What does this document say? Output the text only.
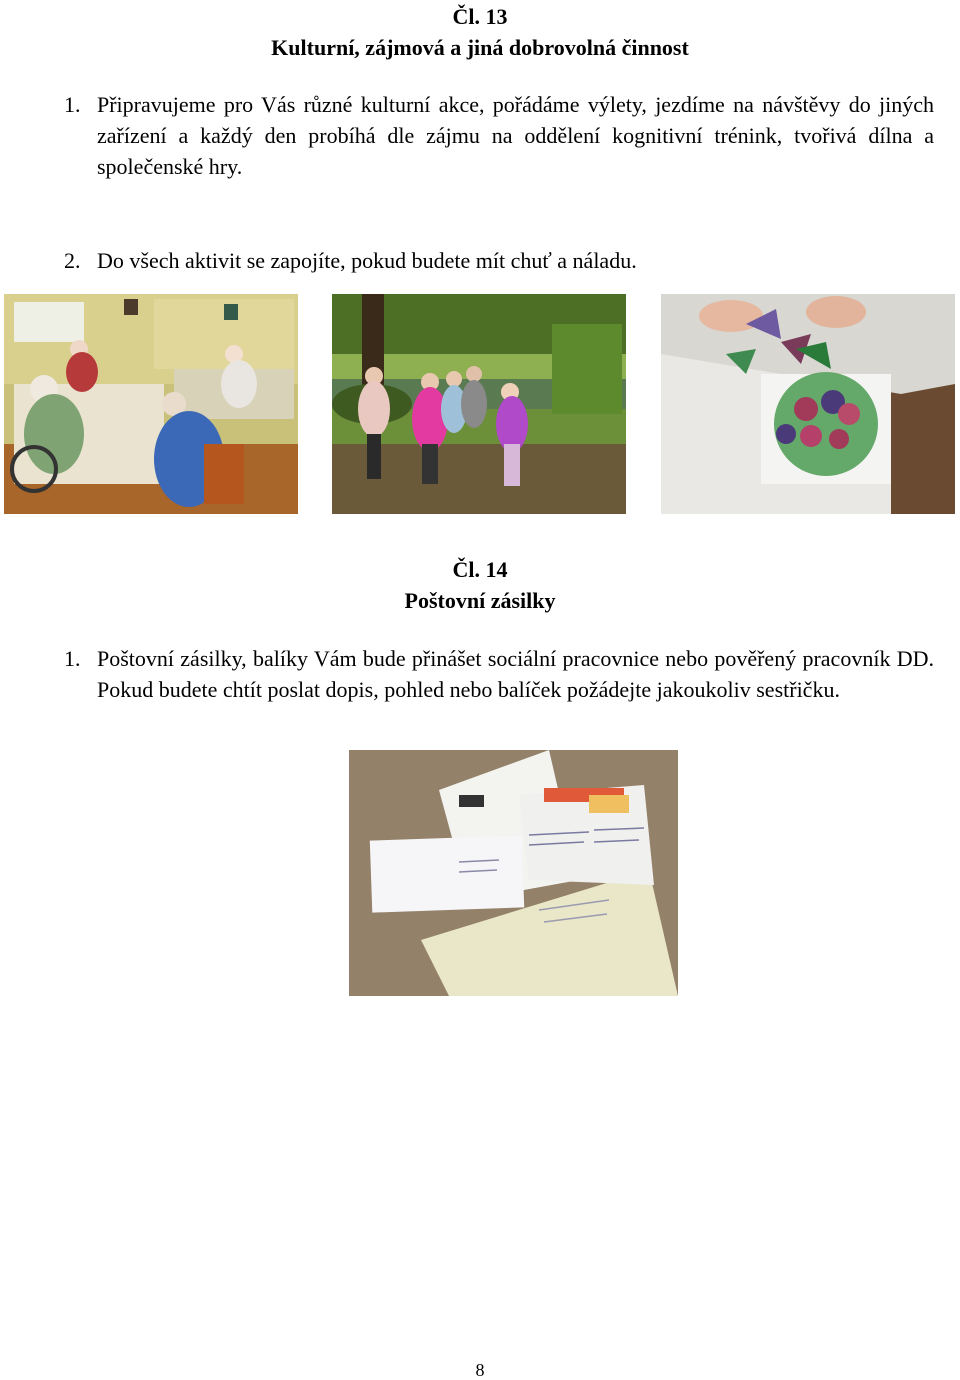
Čl. 13
Kulturní, zájmová a jiná dobrovolná činnost

1. Připravujeme pro Vás různé kulturní akce, pořádáme výlety, jezdíme na návštěvy do jiných zařízení a každý den probíhá dle zájmu na oddělení kognitivní trénink, tvořivá dílna a společenské hry.

2. Do všech aktivit se zapojíte, pokud budete mít chuť a náladu.

Čl. 14
Poštovní zásilky

1. Poštovní zásilky, balíky Vám bude přinášet sociální pracovnice nebo pověřený pracovník DD. Pokud budete chtít poslat dopis, pohled nebo balíček požádejte jakoukoliv sestřičku.

8
